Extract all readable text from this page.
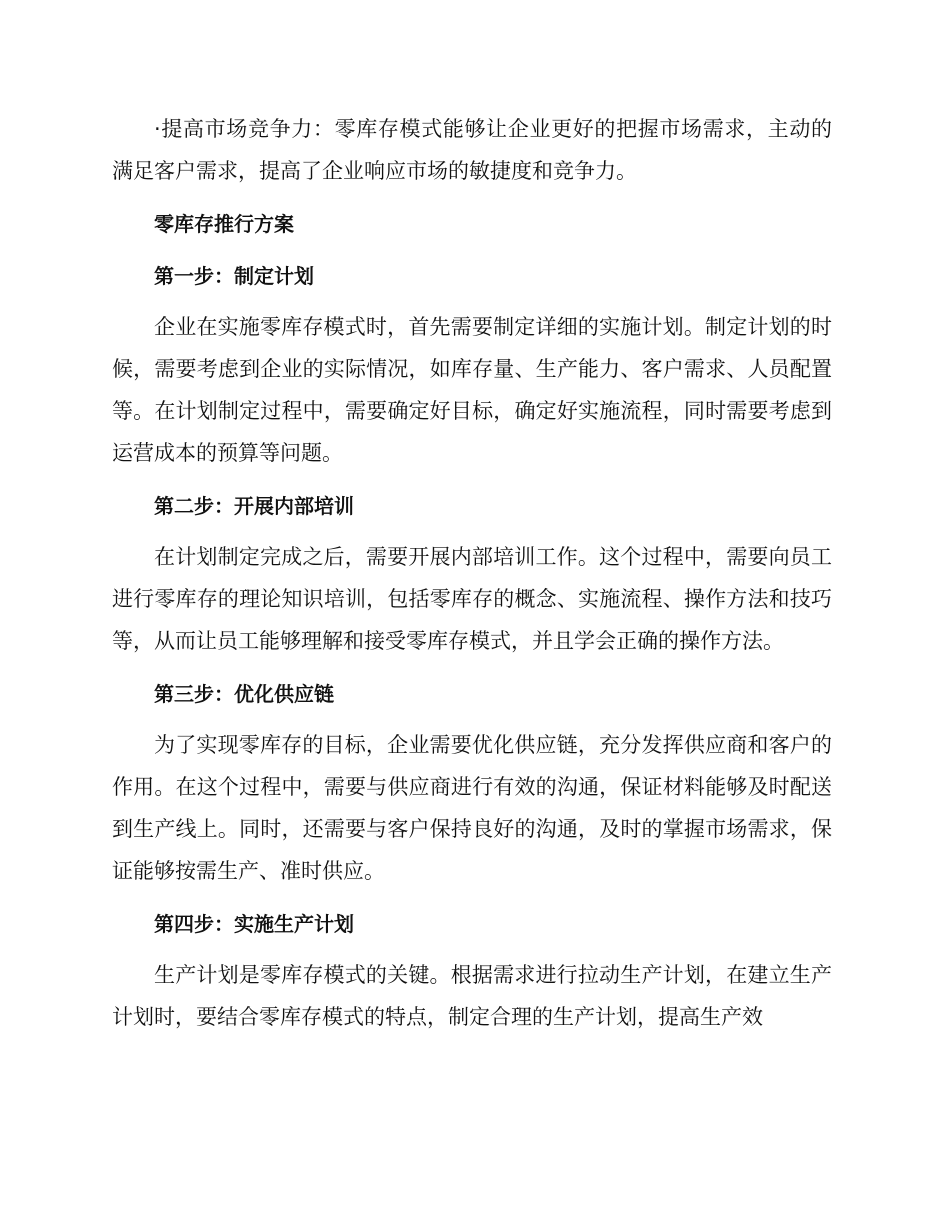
·提高市场竞争力：零库存模式能够让企业更好的把握市场需求，主动的满足客户需求，提高了企业响应市场的敏捷度和竞争力。

零库存推行方案

第一步：制定计划

企业在实施零库存模式时，首先需要制定详细的实施计划。制定计划的时候，需要考虑到企业的实际情况，如库存量、生产能力、客户需求、人员配置等。在计划制定过程中，需要确定好目标，确定好实施流程，同时需要考虑到运营成本的预算等问题。

第二步：开展内部培训

在计划制定完成之后，需要开展内部培训工作。这个过程中，需要向员工进行零库存的理论知识培训，包括零库存的概念、实施流程、操作方法和技巧等，从而让员工能够理解和接受零库存模式，并且学会正确的操作方法。

第三步：优化供应链

为了实现零库存的目标，企业需要优化供应链，充分发挥供应商和客户的作用。在这个过程中，需要与供应商进行有效的沟通，保证材料能够及时配送到生产线上。同时，还需要与客户保持良好的沟通，及时的掌握市场需求，保证能够按需生产、准时供应。

第四步：实施生产计划

生产计划是零库存模式的关键。根据需求进行拉动生产计划，在建立生产计划时，要结合零库存模式的特点，制定合理的生产计划，提高生产效
